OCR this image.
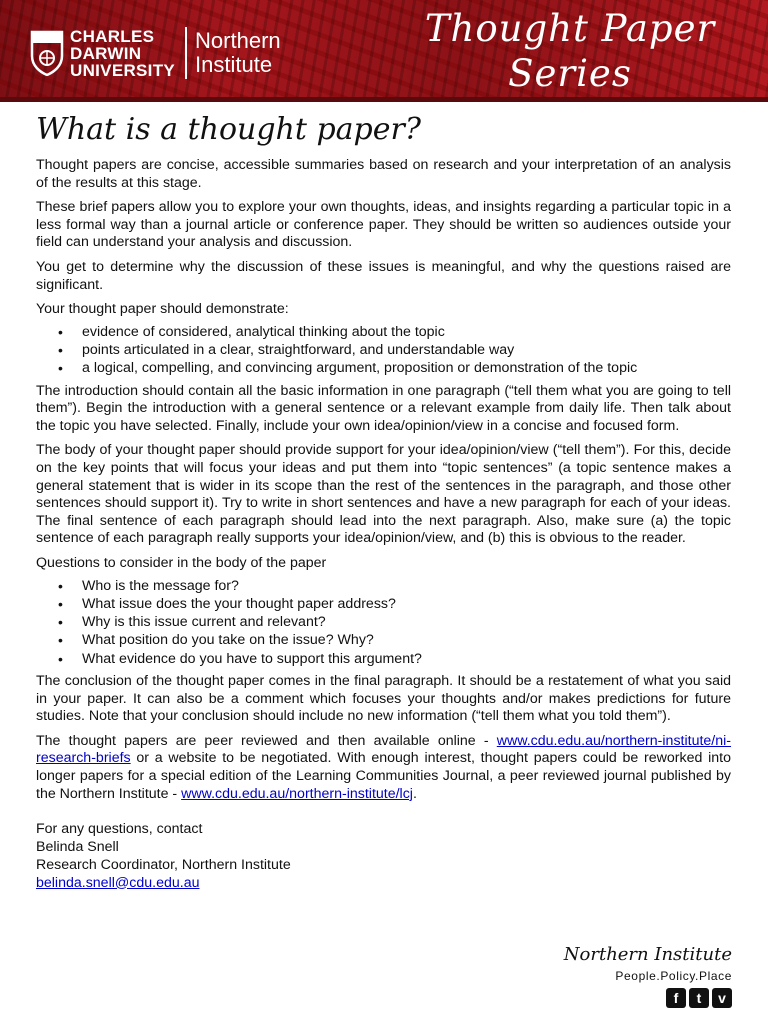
CHARLES
DARWIN
UNIVERSITY
Northern
Institute
Thought Paper
Series
What is a thought paper?

Thought papers are concise, accessible summaries based on research and your interpretation of an analysis of the results at this stage.

These brief papers allow you to explore your own thoughts, ideas, and insights regarding a particular topic in a less formal way than a journal article or conference paper. They should be written so audiences outside your field can understand your analysis and discussion.

You get to determine why the discussion of these issues is meaningful, and why the questions raised are significant.

Your thought paper should demonstrate:

• evidence of considered, analytical thinking about the topic
• points articulated in a clear, straightforward, and understandable way
• a logical, compelling, and convincing argument, proposition or demonstration of the topic

The introduction should contain all the basic information in one paragraph (“tell them what you are going to tell them”). Begin the introduction with a general sentence or a relevant example from daily life. Then talk about the topic you have selected. Finally, include your own idea/opinion/view in a concise and focused form.

The body of your thought paper should provide support for your idea/opinion/view (“tell them”). For this, decide on the key points that will focus your ideas and put them into “topic sentences” (a topic sentence makes a general statement that is wider in its scope than the rest of the sentences in the paragraph, and those other sentences should support it). Try to write in short sentences and have a new paragraph for each of your ideas. The final sentence of each paragraph should lead into the next paragraph. Also, make sure (a) the topic sentence of each paragraph really supports your idea/opinion/view, and (b) this is obvious to the reader.

Questions to consider in the body of the paper

• Who is the message for?
• What issue does the your thought paper address?
• Why is this issue current and relevant?
• What position do you take on the issue? Why?
• What evidence do you have to support this argument?

The conclusion of the thought paper comes in the final paragraph. It should be a restatement of what you said in your paper. It can also be a comment which focuses your thoughts and/or makes predictions for future studies. Note that your conclusion should include no new information (“tell them what you told them”).

The thought papers are peer reviewed and then available online - www.cdu.edu.au/northern-institute/ni-research-briefs or a website to be negotiated. With enough interest, thought papers could be reworked into longer papers for a special edition of the Learning Communities Journal, a peer reviewed journal published by the Northern Institute - www.cdu.edu.au/northern-institute/lcj.

For any questions, contact
Belinda Snell
Research Coordinator, Northern Institute
belinda.snell@cdu.edu.au
Northern Institute
People.Policy.Place
f	t	v
